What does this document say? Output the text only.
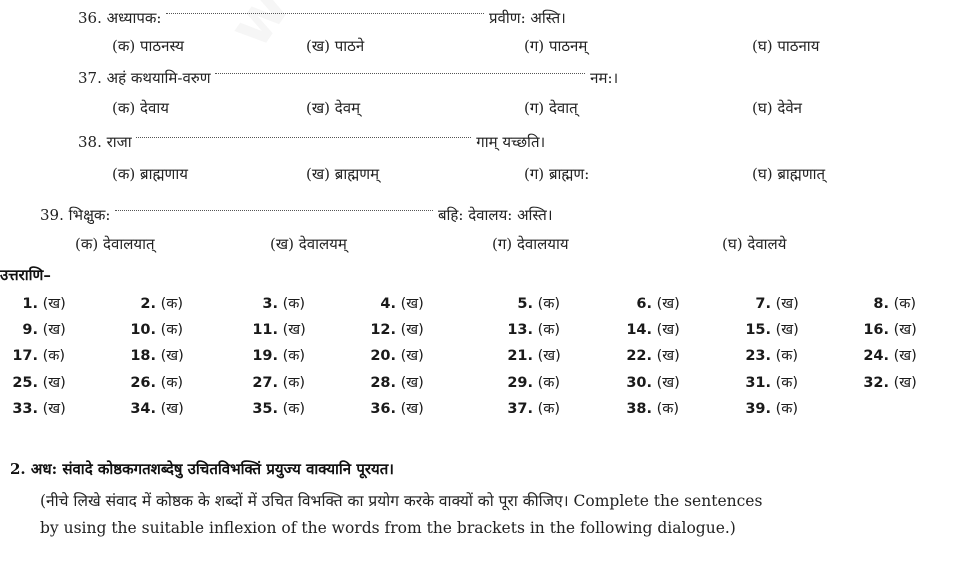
36. अध्यापक:	प्रवीण: अस्ति।
(क) पाठनस्य	(ख) पाठने	(ग) पाठनम्	(घ) पाठनाय
37. अहं कथयामि-वरुण	नम:।
(क) देवाय	(ख) देवम्	(ग) देवात्	(घ) देवेन
38. राजा	गाम् यच्छति।
(क) ब्राह्मणाय	(ख) ब्राह्मणम्	(ग) ब्राह्मण:	(घ) ब्राह्मणात्
39. भिक्षुक:	बहि: देवालय: अस्ति।
(क) देवालयात्	(ख) देवालयम्	(ग) देवालयाय	(घ) देवालये
उत्तराणि–
1. (ख)	2. (क)	3. (क)	4. (ख)	5. (क)	6. (ख)	7. (ख)	8. (क)
9. (ख)	10. (क)	11. (ख)	12. (ख)	13. (क)	14. (ख)	15. (ख)	16. (ख)
17. (क)	18. (ख)	19. (क)	20. (ख)	21. (ख)	22. (ख)	23. (क)	24. (ख)
25. (ख)	26. (क)	27. (क)	28. (ख)	29. (क)	30. (ख)	31. (क)	32. (ख)
33. (ख)	34. (ख)	35. (क)	36. (ख)	37. (क)	38. (क)	39. (क)
2. अध: संवादे कोष्ठकगतशब्देषु उचितविभक्तिं प्रयुज्य वाक्यानि पूरयत।
(नीचे लिखे संवाद में कोष्ठक के शब्दों में उचित विभक्ति का प्रयोग करके वाक्यों को पूरा कीजिए। Complete the sentences
by using the suitable inflexion of the words from the brackets in the following dialogue.)
